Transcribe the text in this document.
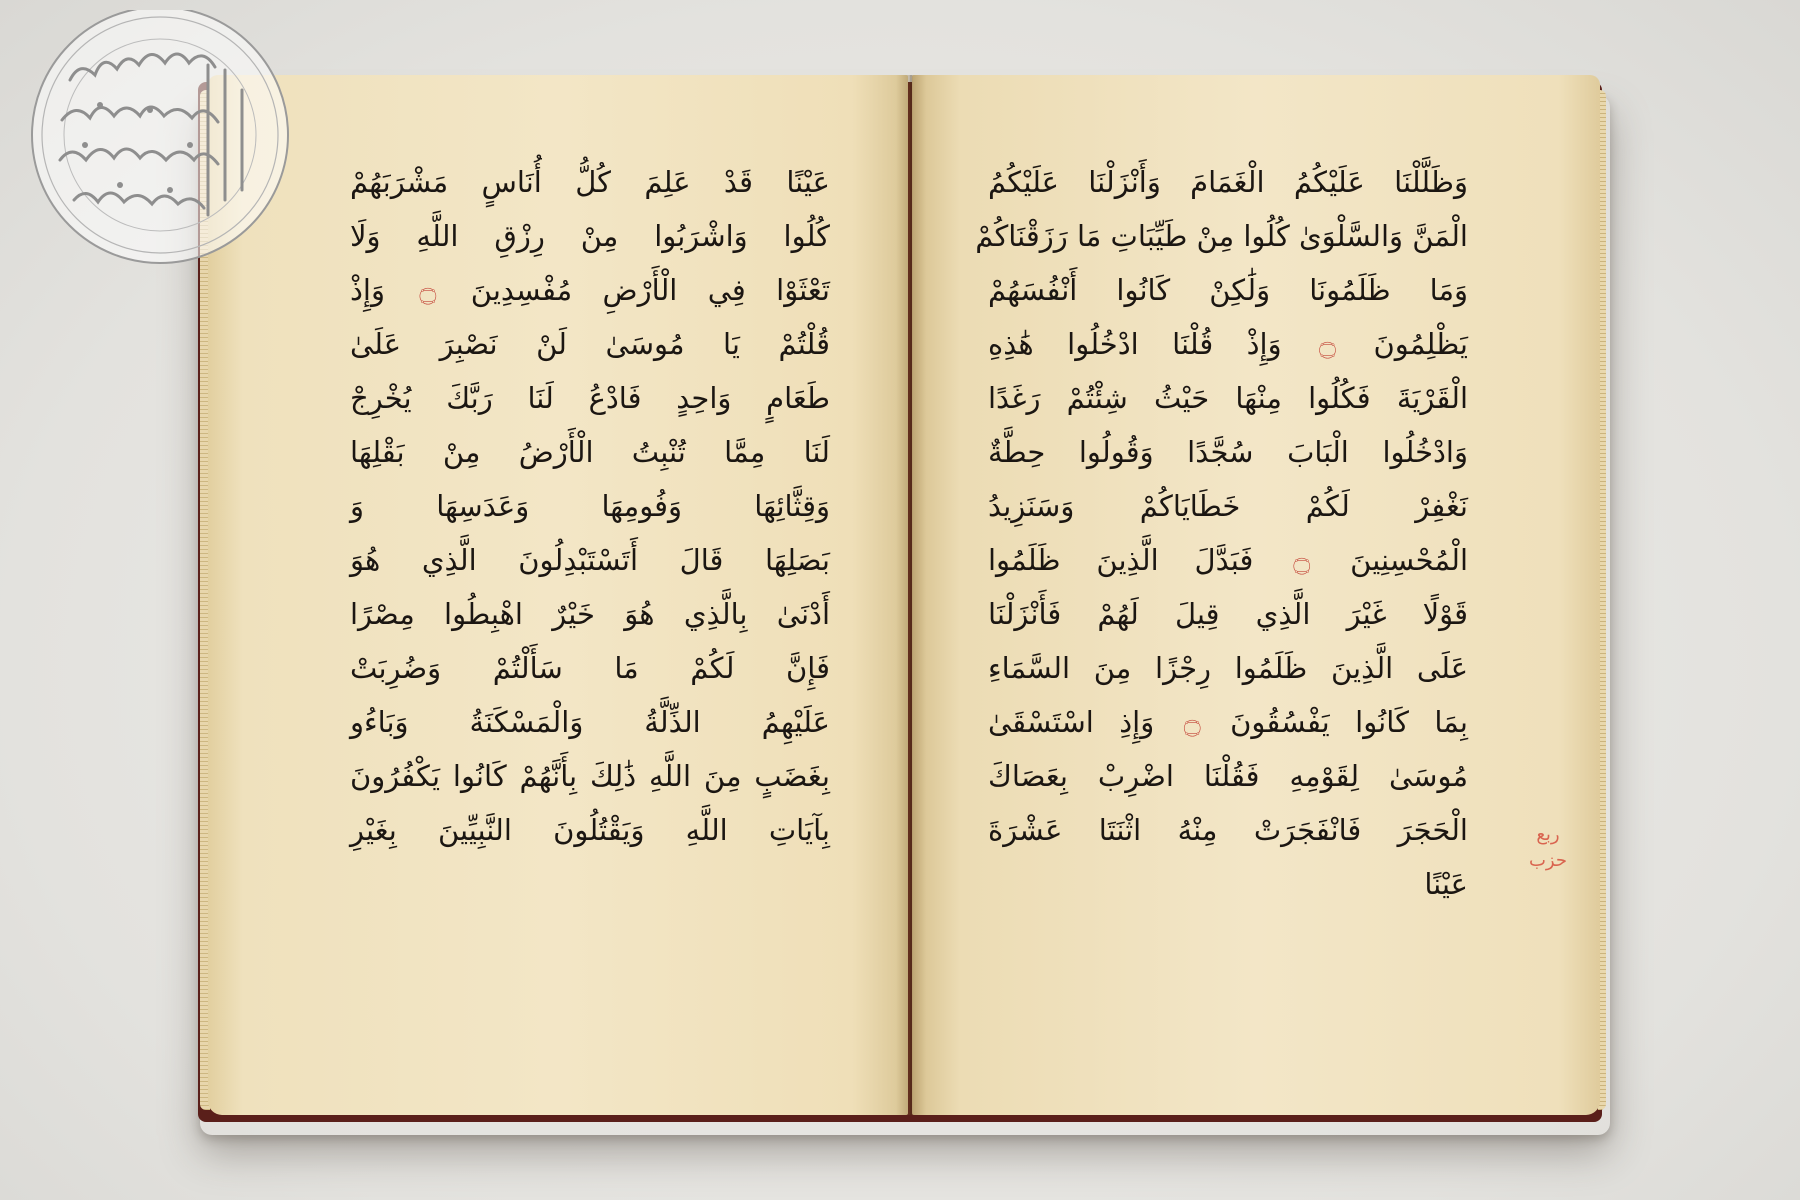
عَيْنًا قَدْ عَلِمَ كُلُّ أُنَاسٍ مَشْرَبَهُمْ
كُلُوا وَاشْرَبُوا مِنْ رِزْقِ اللَّهِ وَلَا
تَعْثَوْا فِي الْأَرْضِ مُفْسِدِينَ ۝ وَإِذْ
قُلْتُمْ يَا مُوسَىٰ لَنْ نَصْبِرَ عَلَىٰ
طَعَامٍ وَاحِدٍ فَادْعُ لَنَا رَبَّكَ يُخْرِجْ
لَنَا مِمَّا تُنْبِتُ الْأَرْضُ مِنْ بَقْلِهَا
وَقِثَّائِهَا وَفُومِهَا وَعَدَسِهَا وَ
بَصَلِهَا قَالَ أَتَسْتَبْدِلُونَ الَّذِي هُوَ
أَدْنَىٰ بِالَّذِي هُوَ خَيْرٌ اهْبِطُوا مِصْرًا
فَإِنَّ لَكُمْ مَا سَأَلْتُمْ وَضُرِبَتْ
عَلَيْهِمُ الذِّلَّةُ وَالْمَسْكَنَةُ وَبَاءُو
بِغَضَبٍ مِنَ اللَّهِ ذَٰلِكَ بِأَنَّهُمْ كَانُوا يَكْفُرُونَ
بِآيَاتِ اللَّهِ وَيَقْتُلُونَ النَّبِيِّينَ بِغَيْرِ
وَظَلَّلْنَا عَلَيْكُمُ الْغَمَامَ وَأَنْزَلْنَا عَلَيْكُمُ
الْمَنَّ وَالسَّلْوَىٰ كُلُوا مِنْ طَيِّبَاتِ مَا رَزَقْنَاكُمْ
وَمَا ظَلَمُونَا وَلَٰكِنْ كَانُوا أَنْفُسَهُمْ
يَظْلِمُونَ ۝ وَإِذْ قُلْنَا ادْخُلُوا هَٰذِهِ
الْقَرْيَةَ فَكُلُوا مِنْهَا حَيْثُ شِئْتُمْ رَغَدًا
وَادْخُلُوا الْبَابَ سُجَّدًا وَقُولُوا حِطَّةٌ
نَغْفِرْ لَكُمْ خَطَايَاكُمْ وَسَنَزِيدُ
الْمُحْسِنِينَ ۝ فَبَدَّلَ الَّذِينَ ظَلَمُوا
قَوْلًا غَيْرَ الَّذِي قِيلَ لَهُمْ فَأَنْزَلْنَا
عَلَى الَّذِينَ ظَلَمُوا رِجْزًا مِنَ السَّمَاءِ
بِمَا كَانُوا يَفْسُقُونَ ۝ وَإِذِ اسْتَسْقَىٰ
مُوسَىٰ لِقَوْمِهِ فَقُلْنَا اضْرِبْ بِعَصَاكَ
الْحَجَرَ فَانْفَجَرَتْ مِنْهُ اثْنَتَا عَشْرَةَ
عَيْنًا
ربع حزب
